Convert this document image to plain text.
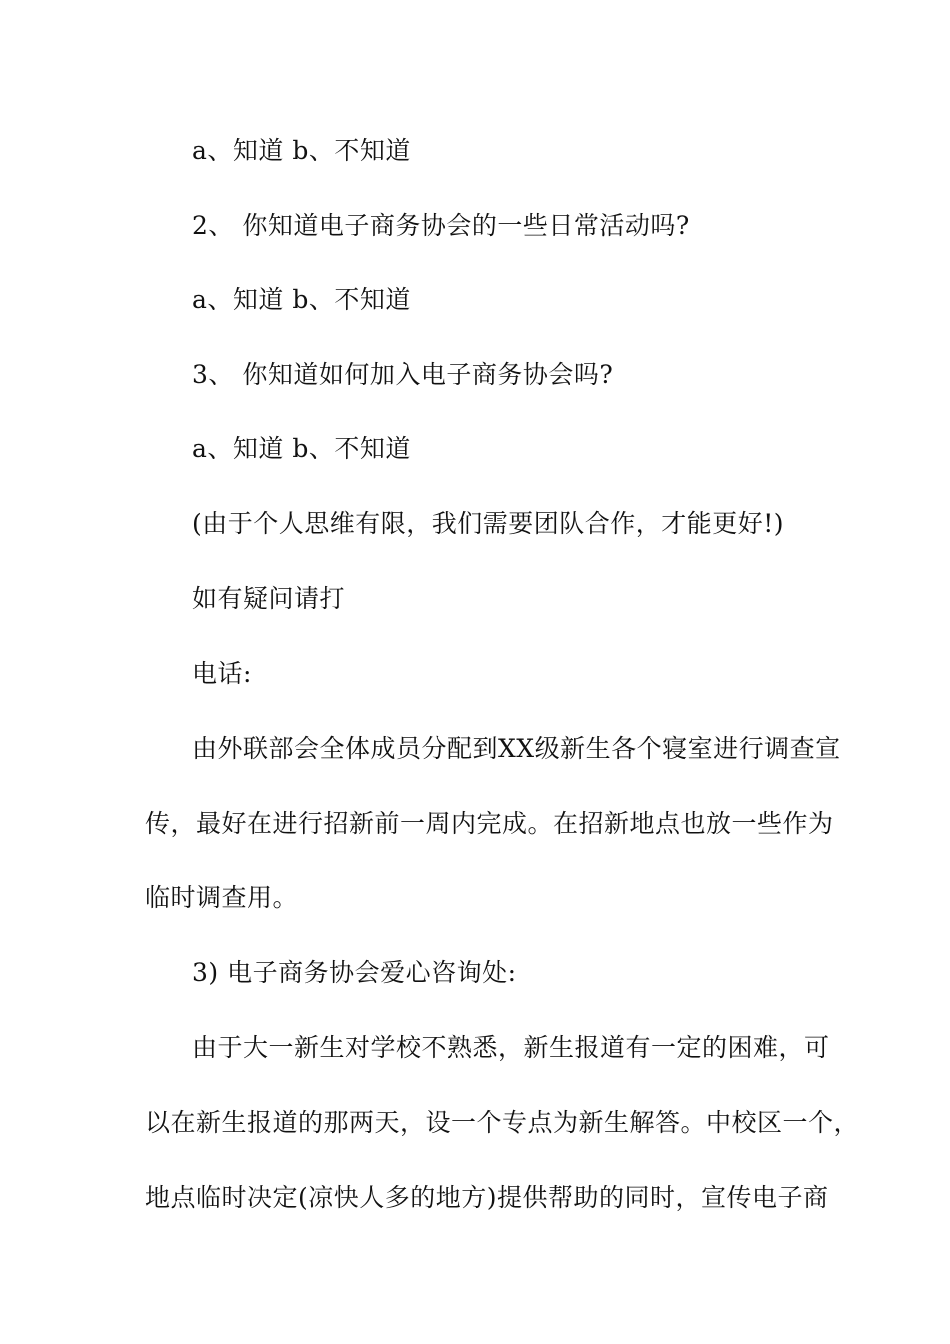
a、知道 b、不知道
2、 你知道电子商务协会的一些日常活动吗?
a、知道 b、不知道
3、 你知道如何加入电子商务协会吗?
a、知道 b、不知道
(由于个人思维有限，我们需要团队合作，才能更好!)
如有疑问请打
电话:
由外联部会全体成员分配到XX级新生各个寝室进行调查宣
传，最好在进行招新前一周内完成。在招新地点也放一些作为
临时调查用。
3) 电子商务协会爱心咨询处:
由于大一新生对学校不熟悉，新生报道有一定的困难，可
以在新生报道的那两天，设一个专点为新生解答。中校区一个，
地点临时决定(凉快人多的地方)提供帮助的同时，宣传电子商
